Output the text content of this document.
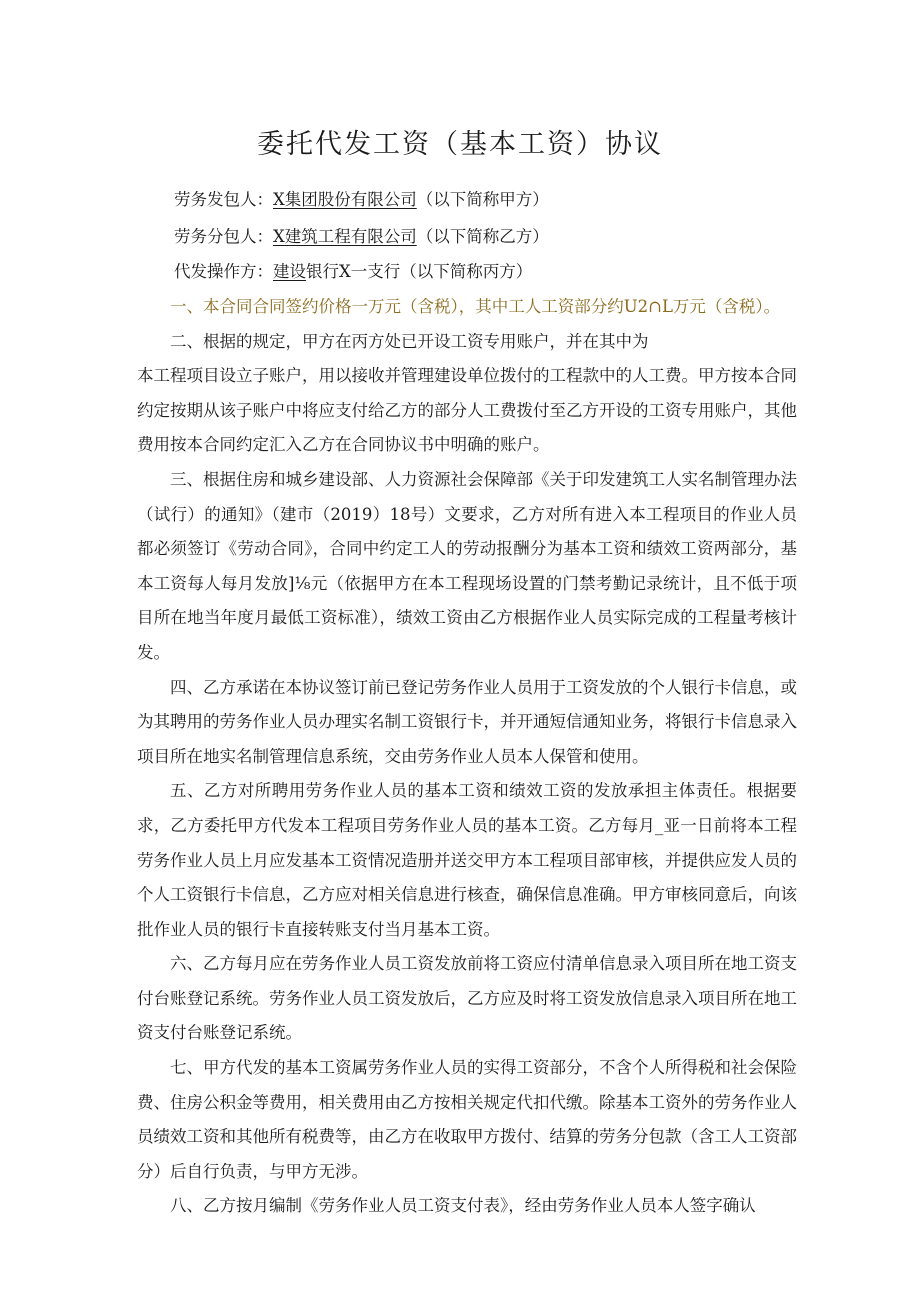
委托代发工资（基本工资）协议
劳务发包人：X集团股份有限公司（以下简称甲方）
劳务分包人：X建筑工程有限公司（以下简称乙方）
代发操作方：建设银行X一支行（以下简称丙方）

一、本合同合同签约价格一万元（含税），其中工人工资部分约U2∩L万元（含税）。

二、根据的规定，甲方在丙方处已开设工资专用账户，并在其中为

本工程项目设立子账户，用以接收并管理建设单位拨付的工程款中的人工费。甲方按本合同约定按期从该子账户中将应支付给乙方的部分人工费拨付至乙方开设的工资专用账户，其他费用按本合同约定汇入乙方在合同协议书中明确的账户。

三、根据住房和城乡建设部、人力资源社会保障部《关于印发建筑工人实名制管理办法（试行）的通知》（建市（2019）18号）文要求，乙方对所有进入本工程项目的作业人员都必须签订《劳动合同》，合同中约定工人的劳动报酬分为基本工资和绩效工资两部分，基本工资每人每月发放]⅛元（依据甲方在本工程现场设置的门禁考勤记录统计，且不低于项目所在地当年度月最低工资标准），绩效工资由乙方根据作业人员实际完成的工程量考核计发。

四、乙方承诺在本协议签订前已登记劳务作业人员用于工资发放的个人银行卡信息，或为其聘用的劳务作业人员办理实名制工资银行卡，并开通短信通知业务，将银行卡信息录入项目所在地实名制管理信息系统，交由劳务作业人员本人保管和使用。

五、乙方对所聘用劳务作业人员的基本工资和绩效工资的发放承担主体责任。根据要求，乙方委托甲方代发本工程项目劳务作业人员的基本工资。乙方每月_亚一日前将本工程劳务作业人员上月应发基本工资情况造册并送交甲方本工程项目部审核，并提供应发人员的个人工资银行卡信息，乙方应对相关信息进行核查，确保信息准确。甲方审核同意后，向该批作业人员的银行卡直接转账支付当月基本工资。

六、乙方每月应在劳务作业人员工资发放前将工资应付清单信息录入项目所在地工资支付台账登记系统。劳务作业人员工资发放后，乙方应及时将工资发放信息录入项目所在地工资支付台账登记系统。

七、甲方代发的基本工资属劳务作业人员的实得工资部分，不含个人所得税和社会保险费、住房公积金等费用，相关费用由乙方按相关规定代扣代缴。除基本工资外的劳务作业人员绩效工资和其他所有税费等，由乙方在收取甲方拨付、结算的劳务分包款（含工人工资部分）后自行负责，与甲方无涉。

八、乙方按月编制《劳务作业人员工资支付表》，经由劳务作业人员本人签字确认
